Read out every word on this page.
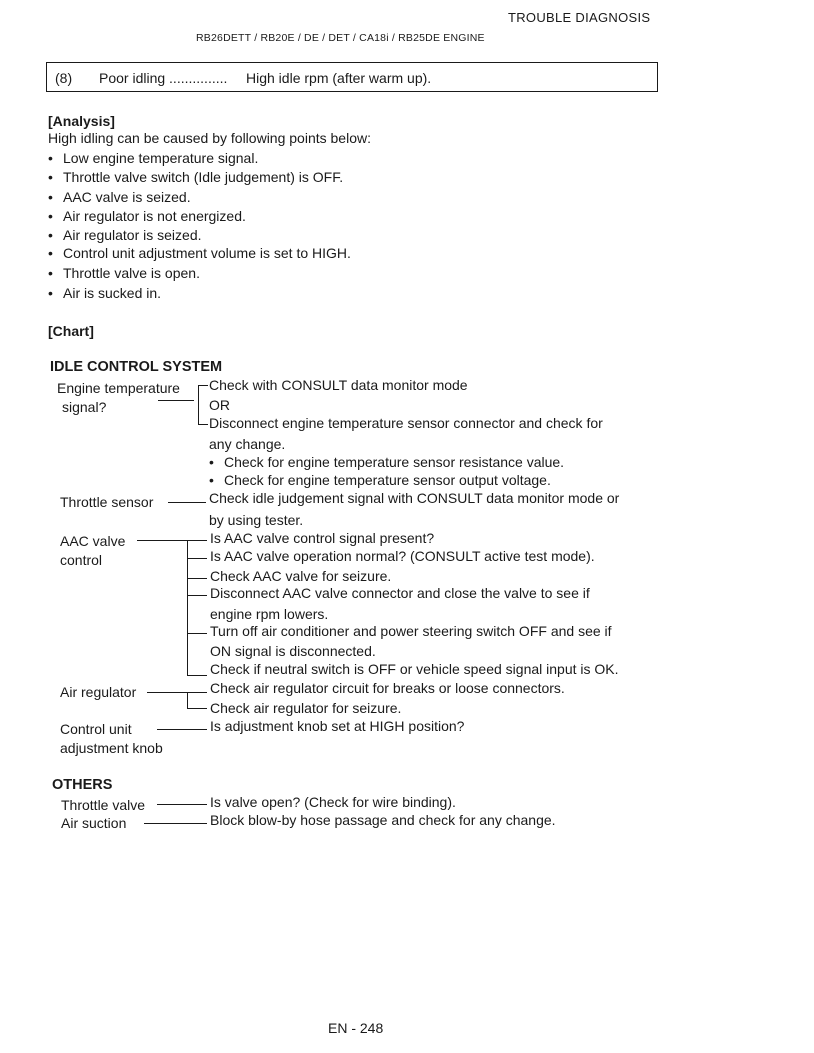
TROUBLE DIAGNOSIS
RB26DETT / RB20E / DE / DET / CA18i / RB25DE ENGINE
(8) Poor idling ............... High idle rpm (after warm up).
[Analysis]
High idling can be caused by following points below:
• Low engine temperature signal.
• Throttle valve switch (Idle judgement) is OFF.
• AAC valve is seized.
• Air regulator is not energized.
• Air regulator is seized.
• Control unit adjustment volume is set to HIGH.
• Throttle valve is open.
• Air is sucked in.
[Chart]
IDLE CONTROL SYSTEM
Engine temperature
signal?
Check with CONSULT data monitor mode
OR
Disconnect engine temperature sensor connector and check for
any change.
• Check for engine temperature sensor resistance value.
• Check for engine temperature sensor output voltage.
Throttle sensor	Check idle judgement signal with CONSULT data monitor mode or
by using tester.
AAC valve
control
Is AAC valve control signal present?
Is AAC valve operation normal? (CONSULT active test mode).
Check AAC valve for seizure.
Disconnect AAC valve connector and close the valve to see if
engine rpm lowers.
Turn off air conditioner and power steering switch OFF and see if
ON signal is disconnected.
Check if neutral switch is OFF or vehicle speed signal input is OK.
Air regulator	Check air regulator circuit for breaks or loose connectors.
Check air regulator for seizure.
Control unit
adjustment knob
Is adjustment knob set at HIGH position?
OTHERS
Throttle valve	Is valve open? (Check for wire binding).
Air suction	Block blow-by hose passage and check for any change.
EN - 248
